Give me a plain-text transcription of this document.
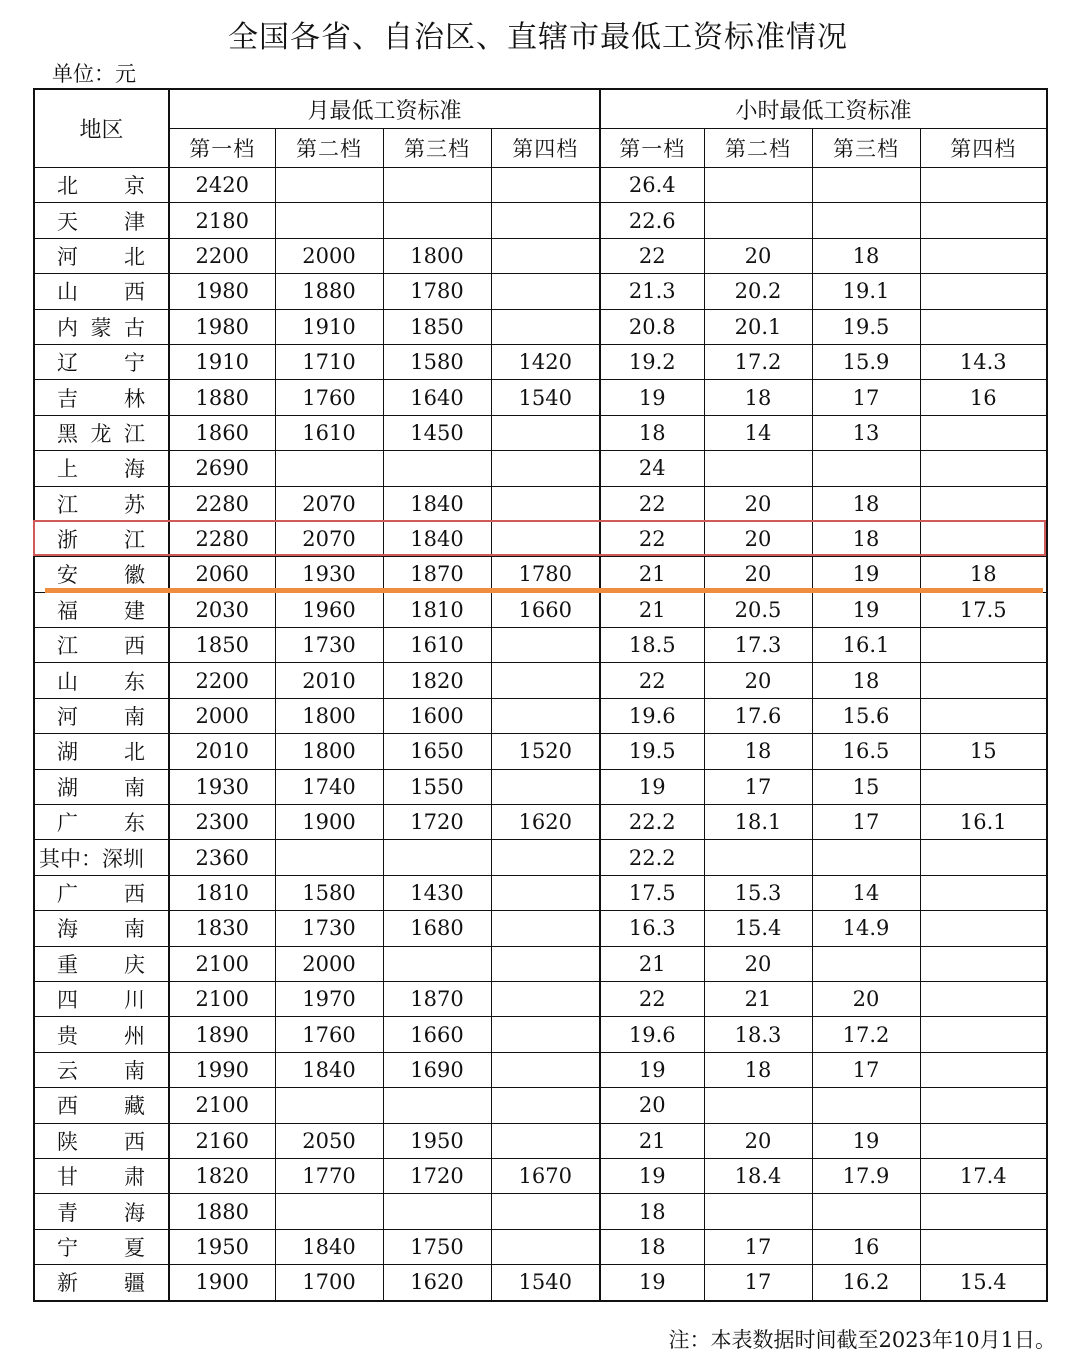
全国各省、自治区、直辖市最低工资标准情况
单位：元
地区	月最低工资标准				小时最低工资标准			
	第一档	第二档	第三档	第四档	第一档	第二档	第三档	第四档
北　京	2420				26.4			
天　津	2180				22.6			
河　北	2200	2000	1800		22	20	18	
山　西	1980	1880	1780		21.3	20.2	19.1	
内蒙古	1980	1910	1850		20.8	20.1	19.5	
辽　宁	1910	1710	1580	1420	19.2	17.2	15.9	14.3
吉　林	1880	1760	1640	1540	19	18	17	16
黑龙江	1860	1610	1450		18	14	13	
上　海	2690				24			
江　苏	2280	2070	1840		22	20	18	
浙　江	2280	2070	1840		22	20	18	
安　徽	2060	1930	1870	1780	21	20	19	18
福　建	2030	1960	1810	1660	21	20.5	19	17.5
江　西	1850	1730	1610		18.5	17.3	16.1	
山　东	2200	2010	1820		22	20	18	
河　南	2000	1800	1600		19.6	17.6	15.6	
湖　北	2010	1800	1650	1520	19.5	18	16.5	15
湖　南	1930	1740	1550		19	17	15	
广　东	2300	1900	1720	1620	22.2	18.1	17	16.1
其中：深圳	2360				22.2			
广　西	1810	1580	1430		17.5	15.3	14	
海　南	1830	1730	1680		16.3	15.4	14.9	
重　庆	2100	2000			21	20		
四　川	2100	1970	1870		22	21	20	
贵　州	1890	1760	1660		19.6	18.3	17.2	
云　南	1990	1840	1690		19	18	17	
西　藏	2100				20			
陕　西	2160	2050	1950		21	20	19	
甘　肃	1820	1770	1720	1670	19	18.4	17.9	17.4
青　海	1880				18			
宁　夏	1950	1840	1750		18	17	16	
新　疆	1900	1700	1620	1540	19	17	16.2	15.4
注：本表数据时间截至2023年10月1日。
